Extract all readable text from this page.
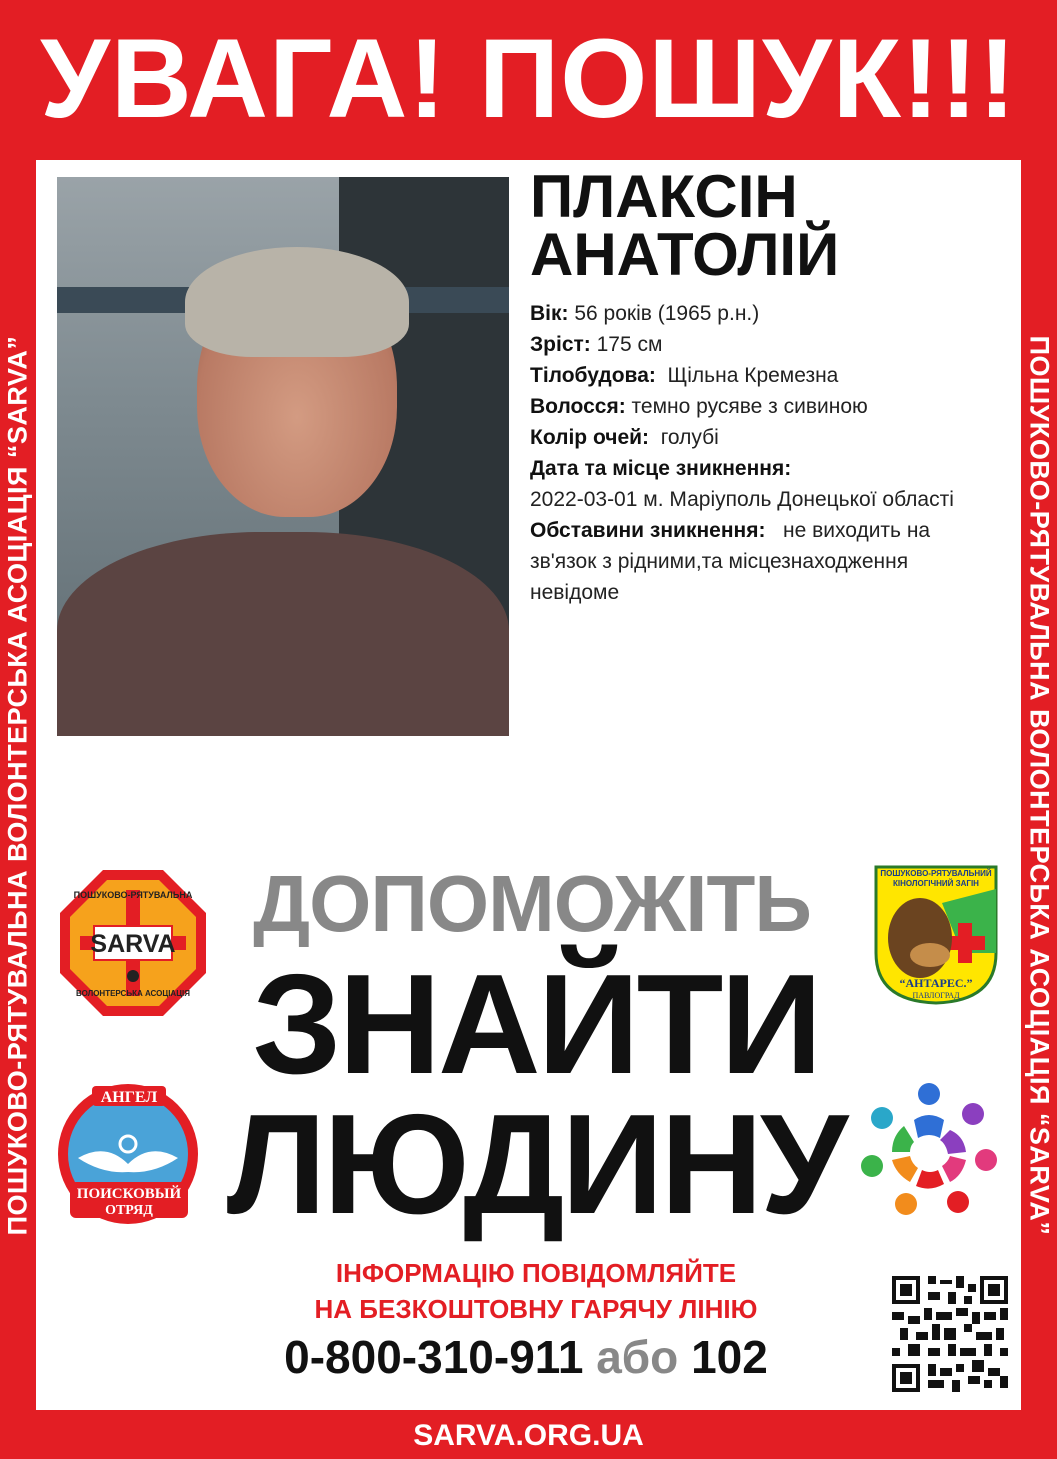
УВАГА! ПОШУК!!!
ПОШУКОВО-РЯТУВАЛЬНА ВОЛОНТЕРСЬКА АСОЦІАЦІЯ “SARVA”	ПОШУКОВО-РЯТУВАЛЬНА ВОЛОНТЕРСЬКА АСОЦІАЦІЯ “SARVA”
ПЛАКСІН
АНАТОЛІЙ
Вік: 56 років (1965 р.н.)
Зріст: 175 см
Тілобудова: Щільна Кремезна
Волосся: темно русяве з сивиною
Колір очей: голубі
Дата та місце зникнення:
2022-03-01 м. Маріуполь Донецької області
Обставини зникнення: не виходить на зв'язок з рідними,та місцезнаходження невідоме
ДОПОМОЖІТЬ
ЗНАЙТИ
ЛЮДИНУ
SARVA
ПОШУКОВО-РЯТУВАЛЬНА
ВОЛОНТЕРСЬКА АСОЦІАЦІЯ
ПОШУКОВО-РЯТУВАЛЬНИЙ
КІНОЛОГІЧНИЙ ЗАГІН
“АНТАРЕС.”
ПАВЛОГРАД
АНГЕЛ
ПОИСКОВЫЙ
ОТРЯД
ІНФОРМАЦІЮ ПОВІДОМЛЯЙТЕ
НА БЕЗКОШТОВНУ ГАРЯЧУ ЛІНІЮ
0-800-310-911 або 102
SARVA.ORG.UA
